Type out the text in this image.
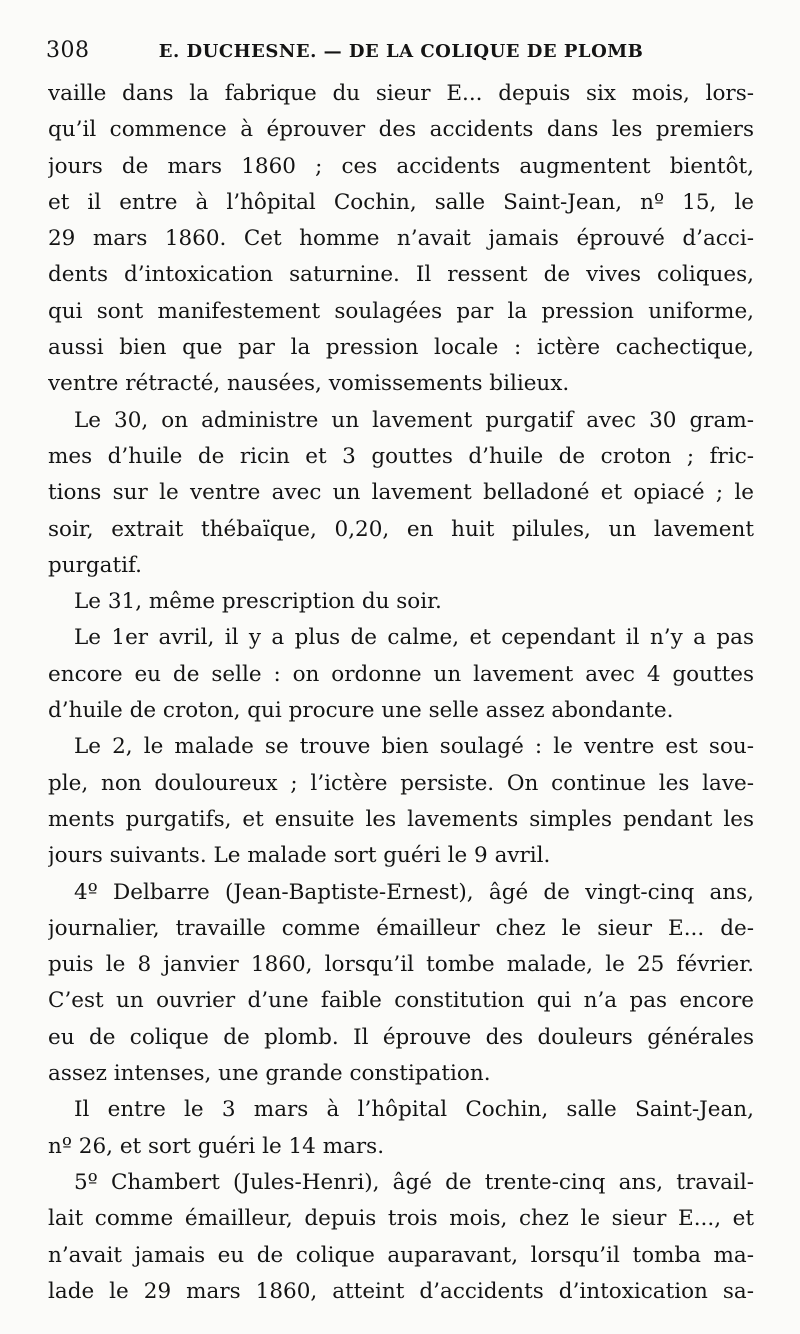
308	E. DUCHESNE. — DE LA COLIQUE DE PLOMB
vaille dans la fabrique du sieur E... depuis six mois, lors-
qu’il commence à éprouver des accidents dans les premiers
jours de mars 1860 ; ces accidents augmentent bientôt,
et il entre à l’hôpital Cochin, salle Saint-Jean, nº 15, le
29 mars 1860. Cet homme n’avait jamais éprouvé d’acci-
dents d’intoxication saturnine. Il ressent de vives coliques,
qui sont manifestement soulagées par la pression uniforme,
aussi bien que par la pression locale : ictère cachectique,
ventre rétracté, nausées, vomissements bilieux.
Le 30, on administre un lavement purgatif avec 30 gram-
mes d’huile de ricin et 3 gouttes d’huile de croton ; fric-
tions sur le ventre avec un lavement belladoné et opiacé ; le
soir, extrait thébaïque, 0,20, en huit pilules, un lavement
purgatif.
Le 31, même prescription du soir.
Le 1er avril, il y a plus de calme, et cependant il n’y a pas
encore eu de selle : on ordonne un lavement avec 4 gouttes
d’huile de croton, qui procure une selle assez abondante.
Le 2, le malade se trouve bien soulagé : le ventre est sou-
ple, non douloureux ; l’ictère persiste. On continue les lave-
ments purgatifs, et ensuite les lavements simples pendant les
jours suivants. Le malade sort guéri le 9 avril.
4º Delbarre (Jean-Baptiste-Ernest), âgé de vingt-cinq ans,
journalier, travaille comme émailleur chez le sieur E... de-
puis le 8 janvier 1860, lorsqu’il tombe malade, le 25 février.
C’est un ouvrier d’une faible constitution qui n’a pas encore
eu de colique de plomb. Il éprouve des douleurs générales
assez intenses, une grande constipation.
Il entre le 3 mars à l’hôpital Cochin, salle Saint-Jean,
nº 26, et sort guéri le 14 mars.
5º Chambert (Jules-Henri), âgé de trente-cinq ans, travail-
lait comme émailleur, depuis trois mois, chez le sieur E..., et
n’avait jamais eu de colique auparavant, lorsqu’il tomba ma-
lade le 29 mars 1860, atteint d’accidents d’intoxication sa-
